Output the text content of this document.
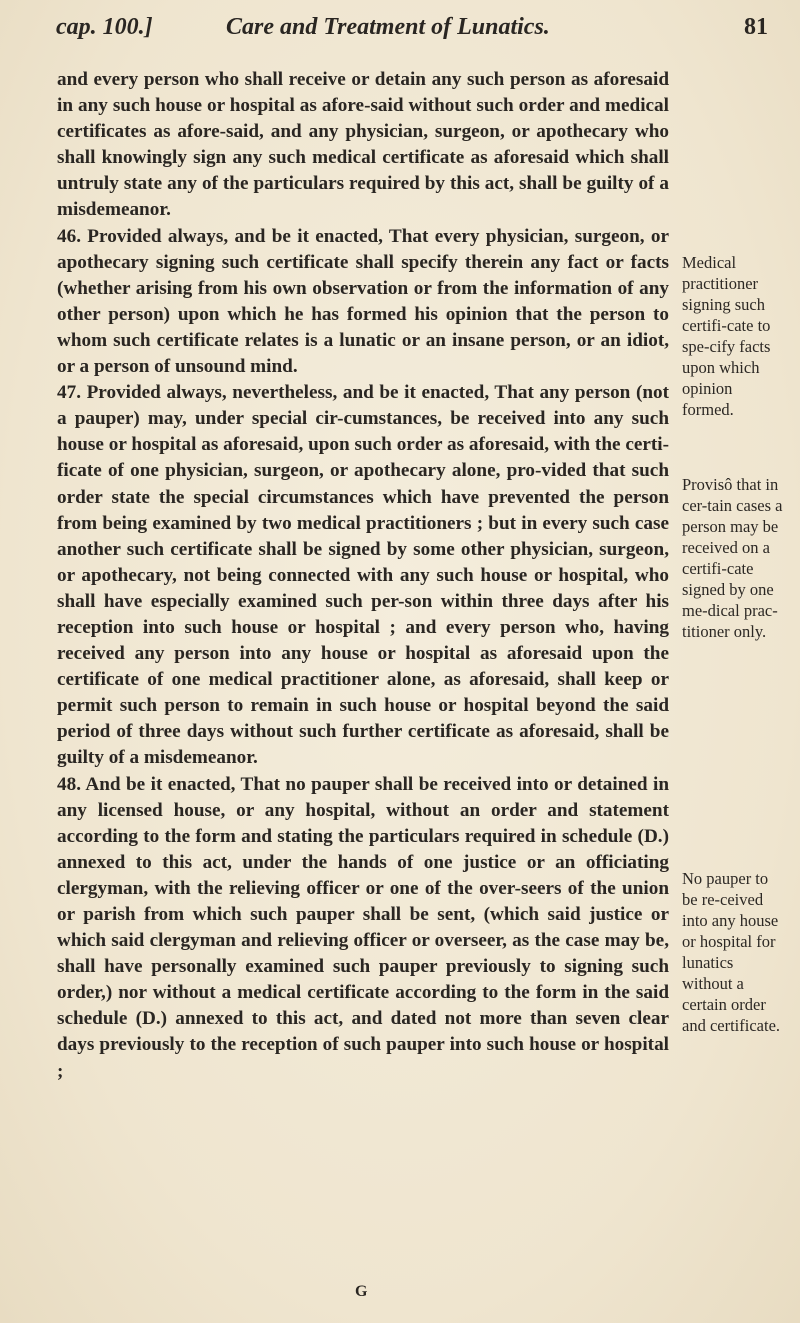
cap. 100.]	Care and Treatment of Lunatics.	81

and every person who shall receive or detain any such person as aforesaid in any such house or hospital as afore-said without such order and medical certificates as afore-said, and any physician, surgeon, or apothecary who shall knowingly sign any such medical certificate as aforesaid which shall untruly state any of the particulars required by this act, shall be guilty of a misdemeanor.

46. Provided always, and be it enacted, That every physician, surgeon, or apothecary signing such certificate shall specify therein any fact or facts (whether arising from his own observation or from the information of any other person) upon which he has formed his opinion that the person to whom such certificate relates is a lunatic or an insane person, or an idiot, or a person of unsound mind.

47. Provided always, nevertheless, and be it enacted, That any person (not a pauper) may, under special cir-cumstances, be received into any such house or hospital as aforesaid, upon such order as aforesaid, with the certi-ficate of one physician, surgeon, or apothecary alone, pro-vided that such order state the special circumstances which have prevented the person from being examined by two medical practitioners ; but in every such case another such certificate shall be signed by some other physician, surgeon, or apothecary, not being connected with any such house or hospital, who shall have especially examined such per-son within three days after his reception into such house or hospital ; and every person who, having received any person into any house or hospital as aforesaid upon the certificate of one medical practitioner alone, as aforesaid, shall keep or permit such person to remain in such house or hospital beyond the said period of three days without such further certificate as aforesaid, shall be guilty of a misdemeanor.

48. And be it enacted, That no pauper shall be received into or detained in any licensed house, or any hospital, without an order and statement according to the form and stating the particulars required in schedule (D.) annexed to this act, under the hands of one justice or an officiating clergyman, with the relieving officer or one of the over-seers of the union or parish from which such pauper shall be sent, (which said justice or which said clergyman and relieving officer or overseer, as the case may be, shall have personally examined such pauper previously to signing such order,) nor without a medical certificate according to the form in the said schedule (D.) annexed to this act, and dated not more than seven clear days previously to the reception of such pauper into such house or hospital ;

Medical practitioner signing such certifi-cate to spe-cify facts upon which opinion formed.
Provisô that in cer-tain cases a person may be received on a certifi-cate signed by one me-dical prac-titioner only.
No pauper to be re-ceived into any house or hospital for lunatics without a certain order and certificate.
G
